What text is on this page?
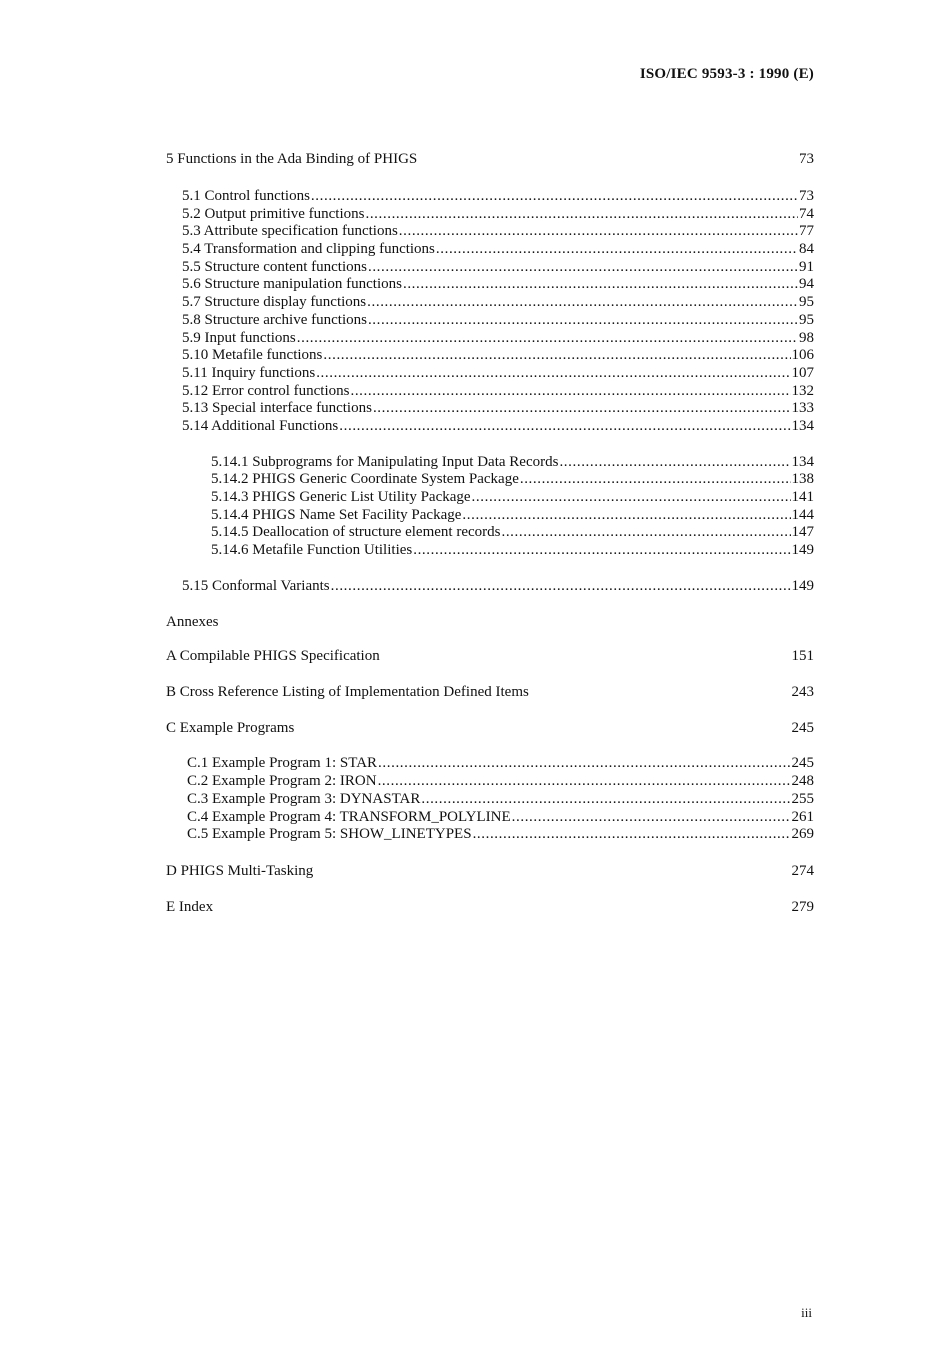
ISO/IEC 9593-3 : 1990 (E)
5 Functions in the Ada Binding of PHIGS	73
5.1 Control functions .....	73
5.2 Output primitive functions .....	74
5.3 Attribute specification functions .....	77
5.4 Transformation and clipping functions .....	84
5.5 Structure content functions .....	91
5.6 Structure manipulation functions .....	94
5.7 Structure display functions .....	95
5.8 Structure archive functions .....	95
5.9 Input functions .....	98
5.10 Metafile functions .....	106
5.11 Inquiry functions .....	107
5.12 Error control functions .....	132
5.13 Special interface functions .....	133
5.14 Additional Functions .....	134
5.14.1 Subprograms for Manipulating Input Data Records .....	134
5.14.2 PHIGS Generic Coordinate System Package .....	138
5.14.3 PHIGS Generic List Utility Package .....	141
5.14.4 PHIGS Name Set Facility Package .....	144
5.14.5 Deallocation of structure element records .....	147
5.14.6 Metafile Function Utilities .....	149
5.15 Conformal Variants .....	149
Annexes
A Compilable PHIGS Specification	151
B Cross Reference Listing of Implementation Defined Items	243
C Example Programs	245
C.1 Example Program 1: STAR .....	245
C.2 Example Program 2: IRON .....	248
C.3 Example Program 3: DYNASTAR .....	255
C.4 Example Program 4: TRANSFORM_POLYLINE .....	261
C.5 Example Program 5: SHOW_LINETYPES .....	269
D PHIGS Multi-Tasking	274
E Index	279
iii
